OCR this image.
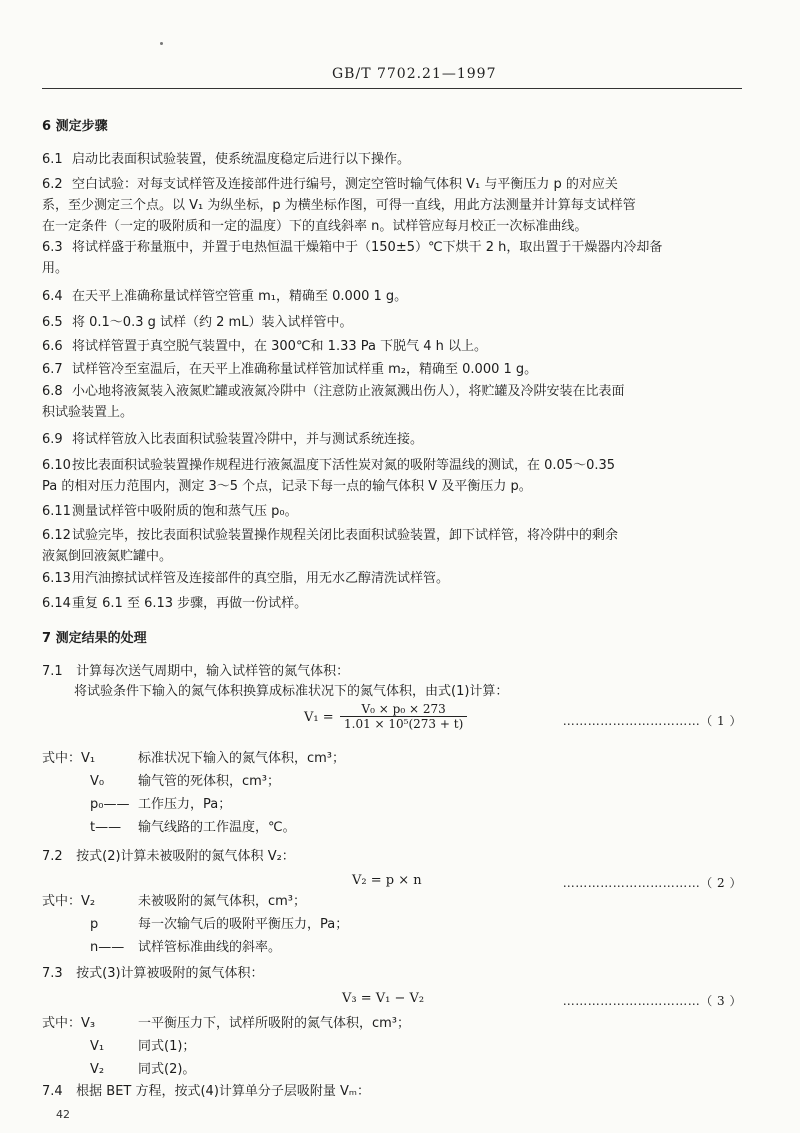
GB/T 7702.21—1997
6 测定步骤
6.1 启动比表面积试验装置，使系统温度稳定后进行以下操作。
6.2 空白试验：对每支试样管及连接部件进行编号，测定空管时输气体积 V₁ 与平衡压力 p 的对应关
系，至少测定三个点。以 V₁ 为纵坐标，p 为横坐标作图，可得一直线，用此方法测量并计算每支试样管
在一定条件（一定的吸附质和一定的温度）下的直线斜率 n。试样管应每月校正一次标准曲线。
6.3 将试样盛于称量瓶中，并置于电热恒温干燥箱中于（150±5）℃下烘干 2 h，取出置于干燥器内冷却备
用。
6.4 在天平上准确称量试样管空管重 m₁，精确至 0.000 1 g。
6.5 将 0.1～0.3 g 试样（约 2 mL）装入试样管中。
6.6 将试样管置于真空脱气装置中，在 300℃和 1.33 Pa 下脱气 4 h 以上。
6.7 试样管冷至室温后，在天平上准确称量试样管加试样重 m₂，精确至 0.000 1 g。
6.8 小心地将液氮装入液氮贮罐或液氮冷阱中（注意防止液氮溅出伤人），将贮罐及冷阱安装在比表面
积试验装置上。
6.9 将试样管放入比表面积试验装置冷阱中，并与测试系统连接。
6.10按比表面积试验装置操作规程进行液氮温度下活性炭对氮的吸附等温线的测试，在 0.05～0.35
Pa 的相对压力范围内，测定 3～5 个点，记录下每一点的输气体积 V 及平衡压力 p。
6.11测量试样管中吸附质的饱和蒸气压 p₀。
6.12试验完毕，按比表面积试验装置操作规程关闭比表面积试验装置，卸下试样管，将冷阱中的剩余
液氮倒回液氮贮罐中。
6.13用汽油擦拭试样管及连接部件的真空脂，用无水乙醇清洗试样管。
6.14重复 6.1 至 6.13 步骤，再做一份试样。
7 测定结果的处理
7.1 计算每次送气周期中，输入试样管的氮气体积：
将试验条件下输入的氮气体积换算成标准状况下的氮气体积，由式(1)计算：
$V_1 = \frac{\text{V₀ × p₀ × 273}}{\text{1.01 × 10⁵(273 + t)}}$	……………………………（ 1 ）
式中：V₁	标准状况下输入的氮气体积，cm³；
V₀	输气管的死体积，cm³；
p₀—— 工作压力，Pa；
t—— 输气线路的工作温度，℃。
7.2 按式(2)计算未被吸附的氮气体积 V₂：
V₂ = p × n	……………………………（ 2 ）
式中：V₂	未被吸附的氮气体积，cm³；
p	每一次输气后的吸附平衡压力，Pa；
n—— 试样管标准曲线的斜率。
7.3 按式(3)计算被吸附的氮气体积：
V₃ = V₁ − V₂	……………………………（ 3 ）
式中：V₃	一平衡压力下，试样所吸附的氮气体积，cm³；
V₁	同式(1)；
V₂	同式(2)。
7.4 根据 BET 方程，按式(4)计算单分子层吸附量 Vₘ：
42
